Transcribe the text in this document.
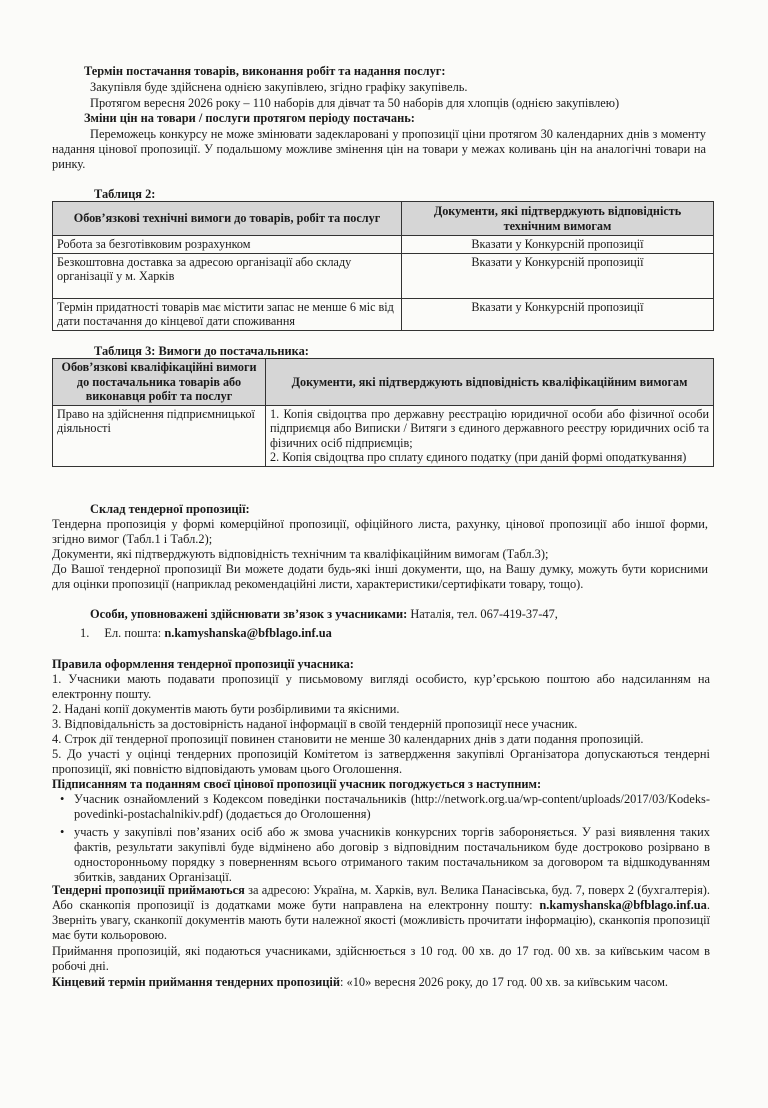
Термін постачання товарів, виконання робіт та надання послуг:
Закупівля буде здійснена однією закупівлею, згідно графіку закупівель.
Протягом вересня 2026 року – 110 наборів для дівчат та 50 наборів для хлопців (однією закупівлею)
Зміни цін на товари / послуги протягом періоду постачань:
Переможець конкурсу не може змінювати задекларовані у пропозиції ціни протягом 30 календарних днів з моменту надання цінової пропозиції. У подальшому можливе змінення цін на товари у межах коливань цін на аналогічні товари на ринку.
Таблиця 2:
Обов’язкові технічні вимоги до товарів, робіт та послуг	Документи, які підтверджують відповідність технічним вимогам
Робота за безготівковим розрахунком	Вказати у Конкурсній пропозиції
Безкоштовна доставка за адресою організації або складу організації у м. Харків	Вказати у Конкурсній пропозиції
Термін придатності товарів має містити запас не менше 6 міс від дати постачання до кінцевої дати споживання	Вказати у Конкурсній пропозиції
Таблиця 3: Вимоги до постачальника:
Обов’язкові кваліфікаційні вимоги до постачальника товарів або виконавця робіт та послуг	Документи, які підтверджують відповідність кваліфікаційним вимогам
Право на здійснення підприємницької діяльності	1. Копія свідоцтва про державну реєстрацію юридичної особи або фізичної особи підприємця або Виписки / Витяги з єдиного державного реєстру юридичних осіб та фізичних осіб підприємців;
2. Копія свідоцтва про сплату єдиного податку (при даній формі оподаткування)
Склад тендерної пропозиції:
Тендерна пропозиція у формі комерційної пропозиції, офіційного листа, рахунку, цінової пропозиції або іншої форми, згідно вимог (Табл.1 і Табл.2);
Документи, які підтверджують відповідність технічним та кваліфікаційним вимогам (Табл.3);
До Вашої тендерної пропозиції Ви можете додати будь-які інші документи, що, на Вашу думку, можуть бути корисними для оцінки пропозиції (наприклад рекомендаційні листи, характеристики/сертифікати товару, тощо).
Особи, уповноважені здійснювати зв’язок з учасниками: Наталія, тел. 067-419-37-47,
1. Ел. пошта: n.kamyshanska@bfblago.inf.ua
Правила оформлення тендерної пропозиції учасника:
1. Учасники мають подавати пропозиції у письмовому вигляді особисто, кур’єрською поштою або надсиланням на електронну пошту.
2. Надані копії документів мають бути розбірливими та якісними.
3. Відповідальність за достовірність наданої інформації в своїй тендерній пропозиції несе учасник.
4. Строк дії тендерної пропозиції повинен становити не менше 30 календарних днів з дати подання пропозицій.
5. До участі у оцінці тендерних пропозицій Комітетом із затвердження закупівлі Організатора допускаються тендерні пропозиції, які повністю відповідають умовам цього Оголошення.
Підписанням та поданням своєї цінової пропозиції учасник погоджується з наступним:
• Учасник ознайомлений з Кодексом поведінки постачальників (http://network.org.ua/wp-content/uploads/2017/03/Kodeks-povedinki-postachalnikiv.pdf) (додається до Оголошення)
• участь у закупівлі пов’язаних осіб або ж змова учасників конкурсних торгів забороняється. У разі виявлення таких фактів, результати закупівлі буде відмінено або договір з відповідним постачальником буде достроково розірвано в односторонньому порядку з поверненням всього отриманого таким постачальником за договором та відшкодуванням збитків, завданих Організації.
Тендерні пропозиції приймаються за адресою: Україна, м. Харків, вул. Велика Панасівська, буд. 7, поверх 2 (бухгалтерія). Або сканкопія пропозиції із додатками може бути направлена на електронну пошту: n.kamyshanska@bfblago.inf.ua. Зверніть увагу, сканкопії документів мають бути належної якості (можливість прочитати інформацію), сканкопія пропозиції має бути кольоровою.
Приймання пропозицій, які подаються учасниками, здійснюється з 10 год. 00 хв. до 17 год. 00 хв. за київським часом в робочі дні.
Кінцевий термін приймання тендерних пропозицій: «10» вересня 2026 року, до 17 год. 00 хв. за київським часом.
